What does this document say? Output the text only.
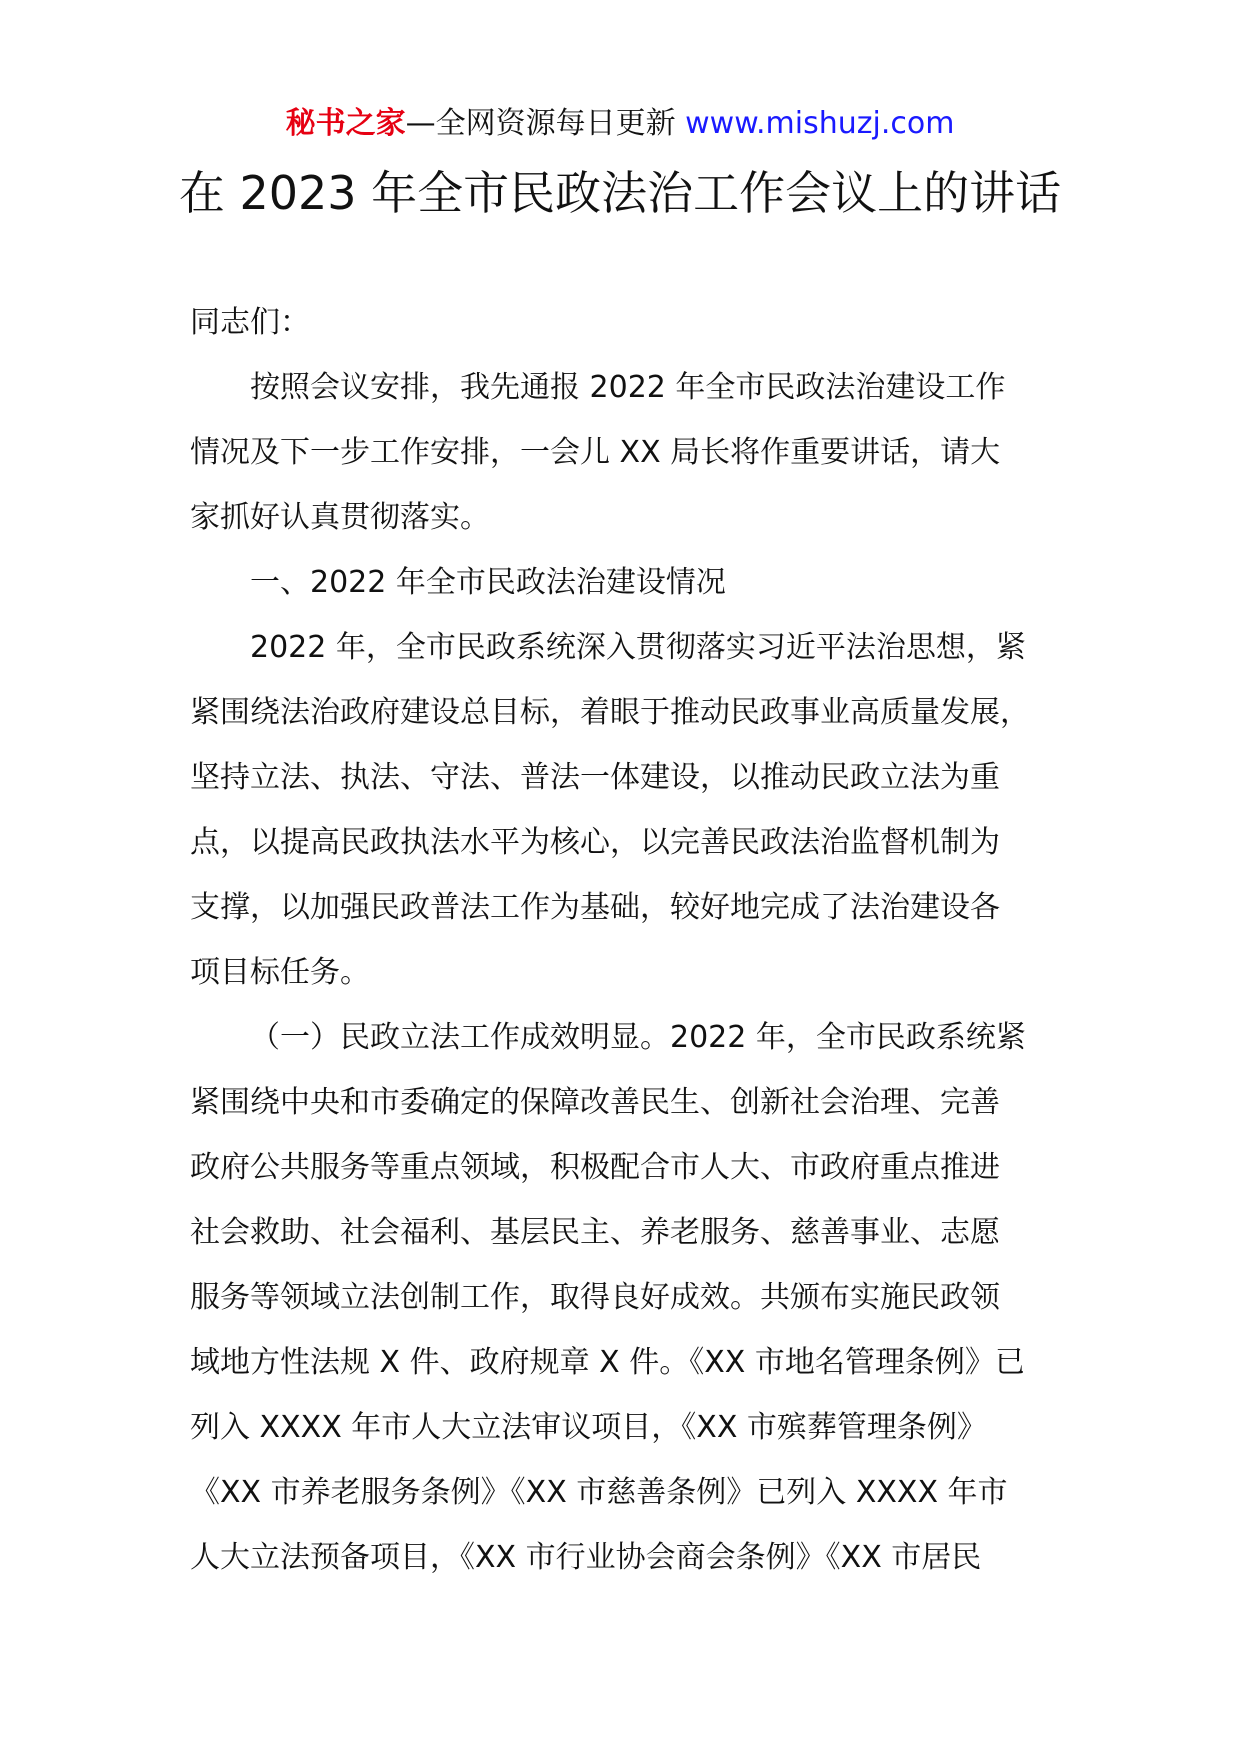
秘书之家—全网资源每日更新 www.mishuzj.com
在 2023 年全市民政法治工作会议上的讲话

同志们：

按照会议安排，我先通报 2022 年全市民政法治建设工作

情况及下一步工作安排，一会儿 XX 局长将作重要讲话，请大

家抓好认真贯彻落实。

一、2022 年全市民政法治建设情况

2022 年，全市民政系统深入贯彻落实习近平法治思想，紧

紧围绕法治政府建设总目标，着眼于推动民政事业高质量发展，

坚持立法、执法、守法、普法一体建设，以推动民政立法为重

点，以提高民政执法水平为核心，以完善民政法治监督机制为

支撑，以加强民政普法工作为基础，较好地完成了法治建设各

项目标任务。

（一）民政立法工作成效明显。2022 年，全市民政系统紧

紧围绕中央和市委确定的保障改善民生、创新社会治理、完善

政府公共服务等重点领域，积极配合市人大、市政府重点推进

社会救助、社会福利、基层民主、养老服务、慈善事业、志愿

服务等领域立法创制工作，取得良好成效。共颁布实施民政领

域地方性法规 X 件、政府规章 X 件。《XX 市地名管理条例》已

列入 XXXX 年市人大立法审议项目，《XX 市殡葬管理条例》

《XX 市养老服务条例》《XX 市慈善条例》已列入 XXXX 年市

人大立法预备项目，《XX 市行业协会商会条例》《XX 市居民
